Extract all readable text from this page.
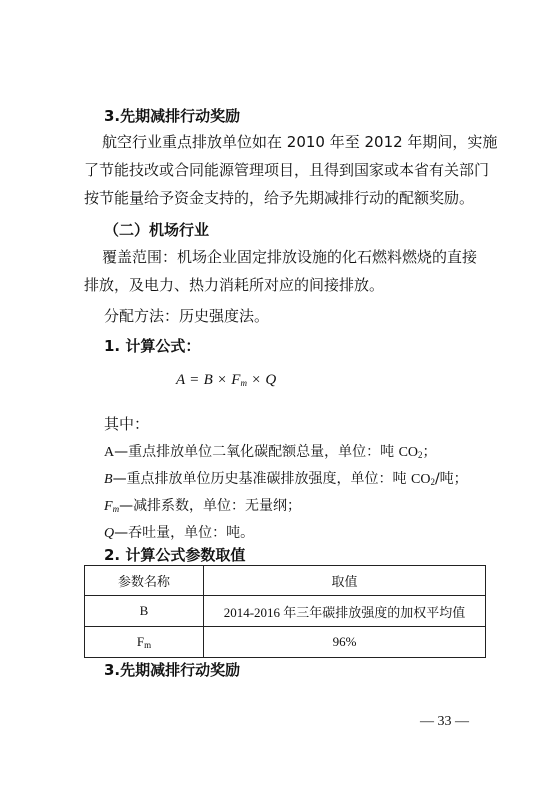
3.先期减排行动奖励
航空行业重点排放单位如在 2010 年至 2012 年期间，实施
了节能技改或合同能源管理项目，且得到国家或本省有关部门
按节能量给予资金支持的，给予先期减排行动的配额奖励。
（二）机场行业
覆盖范围：机场企业固定排放设施的化石燃料燃烧的直接
排放，及电力、热力消耗所对应的间接排放。
分配方法：历史强度法。
1. 计算公式：
$A = B \times F_m \times Q$
其中：
A—重点排放单位二氧化碳配额总量，单位：吨 $CO_2$；
B—重点排放单位历史基准碳排放强度，单位：吨 $CO_2/$吨；
$F_m—$减排系数，单位：无量纲；
Q—吞吐量，单位：吨。
2. 计算公式参数取值
参数名称	取值
B	2014-2016 年三年碳排放强度的加权平均值
$F_m$	96%
3.先期减排行动奖励
— 33 —
